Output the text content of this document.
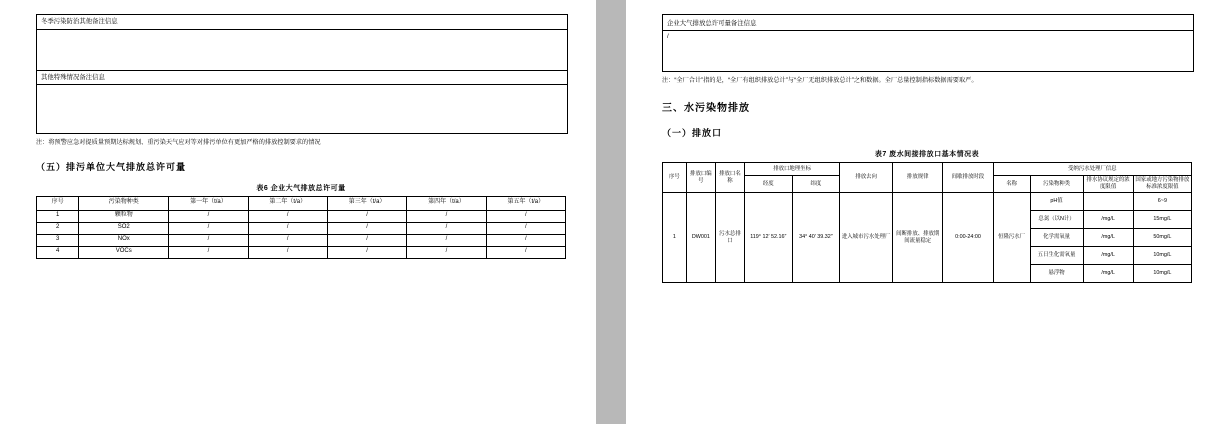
冬季污染防治其他备注信息
其他特殊情况备注信息
注：将预警应急对提质量预期达标规划、重污染天气应对等对排污单位有更加严格的排放控制要求的情况
（五）排污单位大气排放总许可量
表6 企业大气排放总许可量
序号	污染物种类	第一年（t/a）	第二年（t/a）	第三年（t/a）	第四年（t/a）	第五年（t/a）
1	颗粒物	/	/	/	/	/
2	SO2	/	/	/	/	/
3	NOx	/	/	/	/	/
4	VOCs	/	/	/	/	/
企业大气排放总许可量备注信息
/
注：“全厂合计”指的是，“全厂有组织排放总计”与“全厂无组织排放总计”之和数据。全厂总量控制指标数据需要取严。
三、水污染物排放
（一）排放口
表7 废水间接排放口基本情况表
序号	排放口编号	排放口名称	排放口地理坐标		排放去向	排放规律	间歇排放时段	受纳污水处理厂信息			
			经度	纬度				名称	污染物种类	排水协议规定的浓度限值	国家或地方污染物排放标准浓度限值
1	DW001	污水总排口	119° 12′ 52.16″	34° 40′ 39.32″	进入城市污水处理厂	间断排放、排放期间流量稳定	0:00-24:00	恒隆污水厂	pH值		6~9
									总氮（以N计）	/mg/L	15mg/L
									化学需氧量	/mg/L	50mg/L
									五日生化需氧量	/mg/L	10mg/L
									悬浮物	/mg/L	10mg/L
